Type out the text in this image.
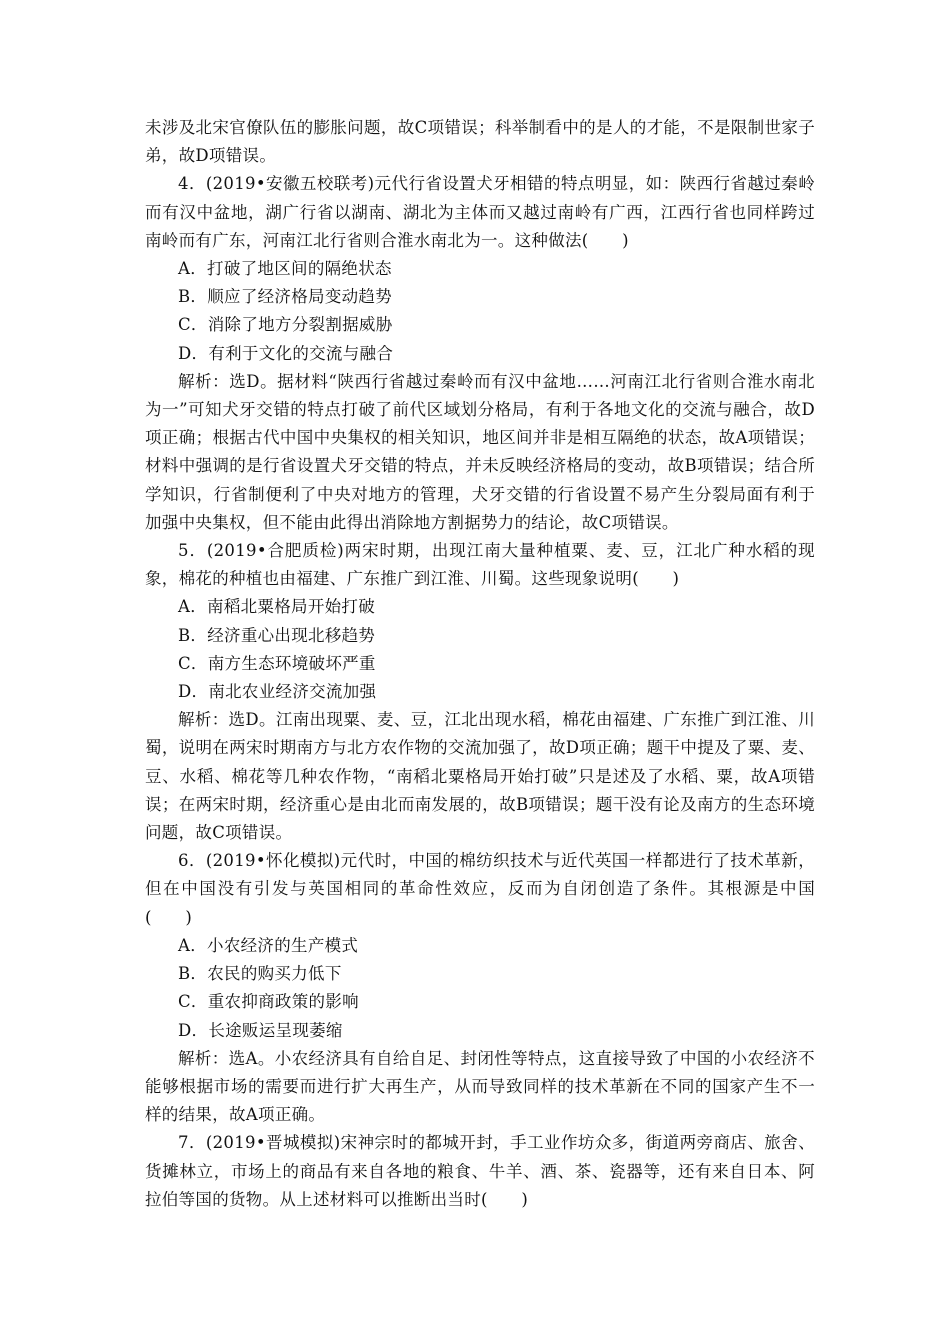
未涉及北宋官僚队伍的膨胀问题，故C项错误；科举制看中的是人的才能，不是限制世家子弟，故D项错误。

4．(2019•安徽五校联考)元代行省设置犬牙相错的特点明显，如：陕西行省越过秦岭而有汉中盆地，湖广行省以湖南、湖北为主体而又越过南岭有广西，江西行省也同样跨过南岭而有广东，河南江北行省则合淮水南北为一。这种做法(　　)

A．打破了地区间的隔绝状态

B．顺应了经济格局变动趋势

C．消除了地方分裂割据威胁

D．有利于文化的交流与融合

解析：选D。据材料“陕西行省越过秦岭而有汉中盆地……河南江北行省则合淮水南北为一”可知犬牙交错的特点打破了前代区域划分格局，有利于各地文化的交流与融合，故D项正确；根据古代中国中央集权的相关知识，地区间并非是相互隔绝的状态，故A项错误；材料中强调的是行省设置犬牙交错的特点，并未反映经济格局的变动，故B项错误；结合所学知识，行省制便利了中央对地方的管理，犬牙交错的行省设置不易产生分裂局面有利于加强中央集权，但不能由此得出消除地方割据势力的结论，故C项错误。

5．(2019•合肥质检)两宋时期，出现江南大量种植粟、麦、豆，江北广种水稻的现象，棉花的种植也由福建、广东推广到江淮、川蜀。这些现象说明(　　)

A．南稻北粟格局开始打破

B．经济重心出现北移趋势

C．南方生态环境破坏严重

D．南北农业经济交流加强

解析：选D。江南出现粟、麦、豆，江北出现水稻，棉花由福建、广东推广到江淮、川蜀，说明在两宋时期南方与北方农作物的交流加强了，故D项正确；题干中提及了粟、麦、豆、水稻、棉花等几种农作物，“南稻北粟格局开始打破”只是述及了水稻、粟，故A项错误；在两宋时期，经济重心是由北而南发展的，故B项错误；题干没有论及南方的生态环境问题，故C项错误。

6．(2019•怀化模拟)元代时，中国的棉纺织技术与近代英国一样都进行了技术革新，但在中国没有引发与英国相同的革命性效应，反而为自闭创造了条件。其根源是中国　(　　)

A．小农经济的生产模式

B．农民的购买力低下

C．重农抑商政策的影响

D．长途贩运呈现萎缩

解析：选A。小农经济具有自给自足、封闭性等特点，这直接导致了中国的小农经济不能够根据市场的需要而进行扩大再生产，从而导致同样的技术革新在不同的国家产生不一样的结果，故A项正确。

7．(2019•晋城模拟)宋神宗时的都城开封，手工业作坊众多，街道两旁商店、旅舍、货摊林立，市场上的商品有来自各地的粮食、牛羊、酒、茶、瓷器等，还有来自日本、阿拉伯等国的货物。从上述材料可以推断出当时(　　)
